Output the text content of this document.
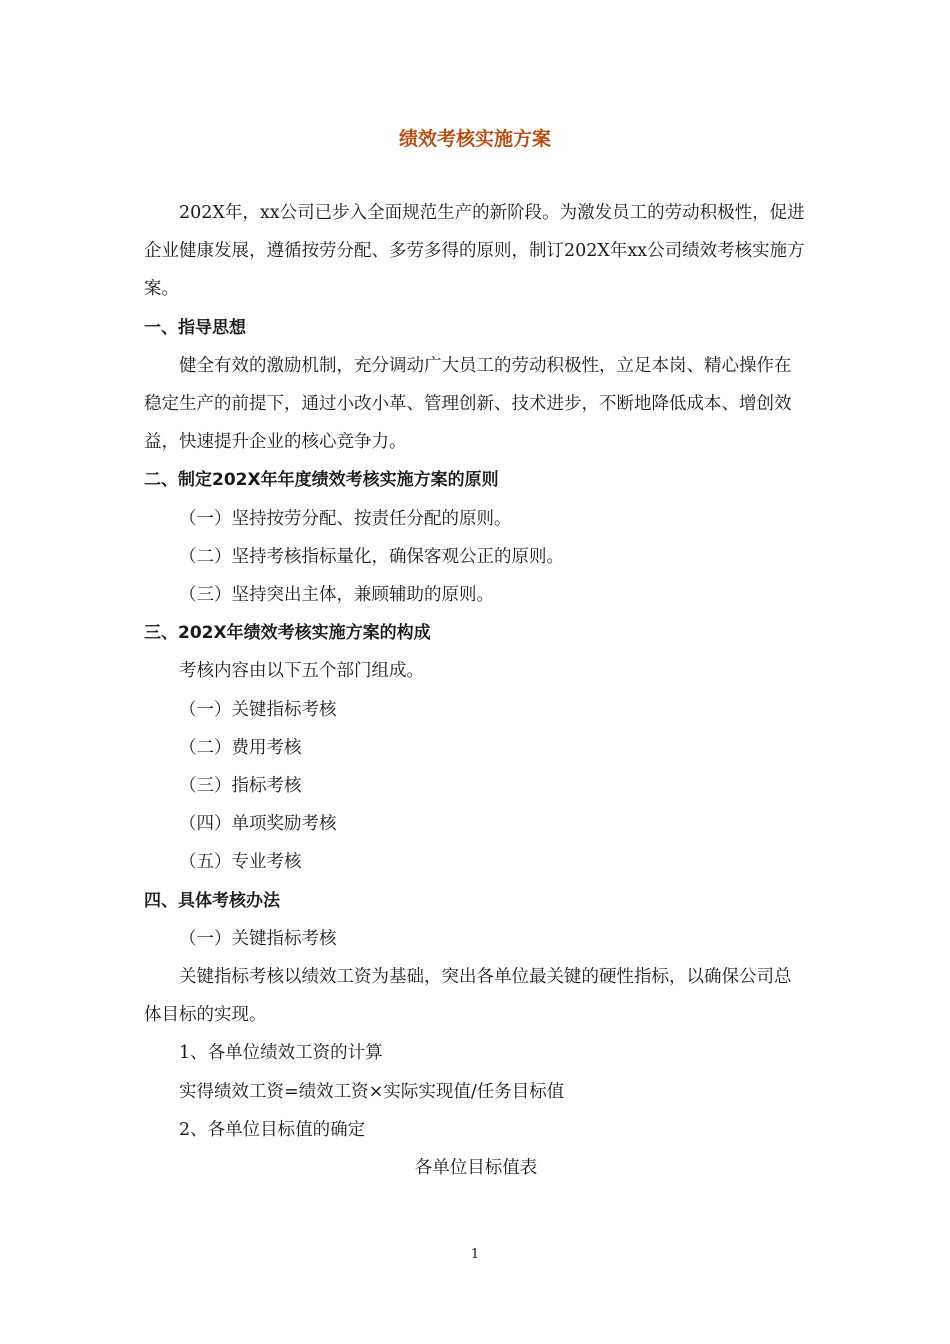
绩效考核实施方案

202X年，xx公司已步入全面规范生产的新阶段。为激发员工的劳动积极性，促进企业健康发展，遵循按劳分配、多劳多得的原则，制订202X年xx公司绩效考核实施方案。

一、指导思想

健全有效的激励机制，充分调动广大员工的劳动积极性，立足本岗、精心操作在稳定生产的前提下，通过小改小革、管理创新、技术进步，不断地降低成本、增创效益，快速提升企业的核心竞争力。

二、制定202X年年度绩效考核实施方案的原则

（一）坚持按劳分配、按责任分配的原则。

（二）坚持考核指标量化，确保客观公正的原则。

（三）坚持突出主体，兼顾辅助的原则。

三、202X年绩效考核实施方案的构成

考核内容由以下五个部门组成。

（一）关键指标考核

（二）费用考核

（三）指标考核

（四）单项奖励考核

（五）专业考核

四、具体考核办法

（一）关键指标考核

关键指标考核以绩效工资为基础，突出各单位最关键的硬性指标，以确保公司总体目标的实现。

1、各单位绩效工资的计算

实得绩效工资=绩效工资×实际实现值/任务目标值

2、各单位目标值的确定

各单位目标值表

1
